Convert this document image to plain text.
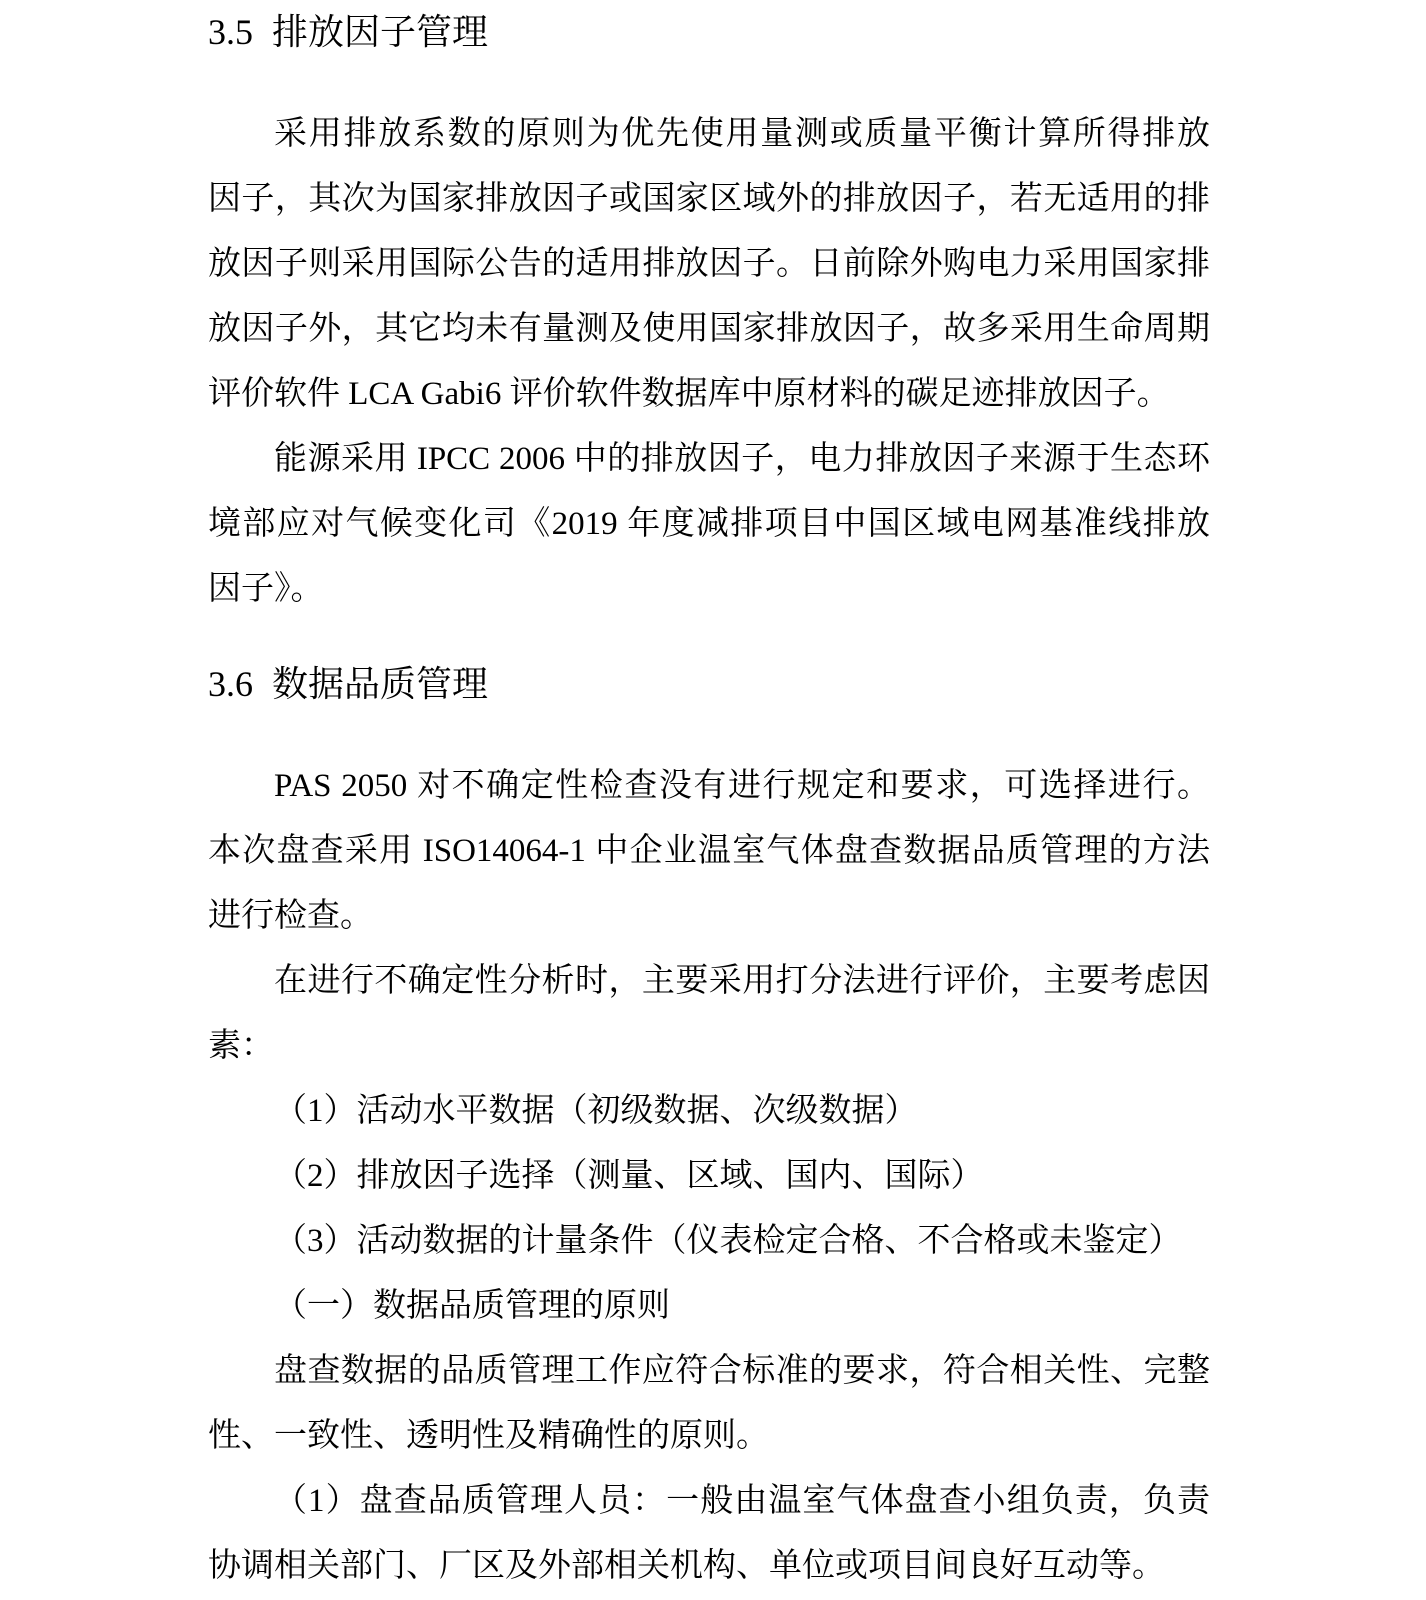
3.5 排放因子管理
采用排放系数的原则为优先使用量测或质量平衡计算所得排放
因子，其次为国家排放因子或国家区域外的排放因子，若无适用的排
放因子则采用国际公告的适用排放因子。日前除外购电力采用国家排
放因子外，其它均未有量测及使用国家排放因子，故多采用生命周期
评价软件 LCA Gabi6 评价软件数据库中原材料的碳足迹排放因子。
能源采用 IPCC 2006 中的排放因子，电力排放因子来源于生态环
境部应对气候变化司《2019 年度减排项目中国区域电网基准线排放
因子》。
3.6 数据品质管理
PAS 2050 对不确定性检查没有进行规定和要求，可选择进行。
本次盘查采用 ISO14064-1 中企业温室气体盘查数据品质管理的方法
进行检查。
在进行不确定性分析时，主要采用打分法进行评价，主要考虑因
素：
（1）活动水平数据（初级数据、次级数据）
（2）排放因子选择（测量、区域、国内、国际）
（3）活动数据的计量条件（仪表检定合格、不合格或未鉴定）
（一）数据品质管理的原则
盘查数据的品质管理工作应符合标准的要求，符合相关性、完整
性、一致性、透明性及精确性的原则。
（1）盘查品质管理人员：一般由温室气体盘查小组负责，负责
协调相关部门、厂区及外部相关机构、单位或项目间良好互动等。
